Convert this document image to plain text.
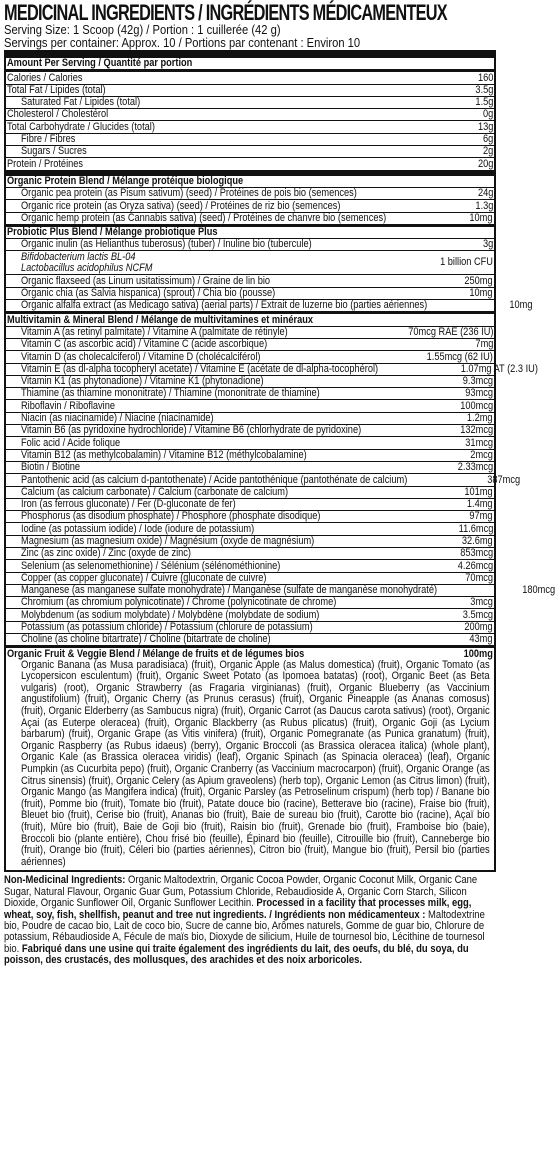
MEDICINAL INGREDIENTS / INGRÉDIENTS MÉDICAMENTEUX
Serving Size: 1 Scoop (42g) / Portion : 1 cuillerée (42 g)
Servings per container: Approx. 10 / Portions par contenant : Environ 10
Amount Per Serving / Quantité par portion
Calories / Calories	160
Total Fat / Lipides (total)	3.5g
Saturated Fat / Lipides (total)	1.5g
Cholesterol / Cholestérol	0g
Total Carbohydrate / Glucides (total)	13g
Fibre / Fibres	6g
Sugars / Sucres	2g
Protein / Protéines	20g
Organic Protein Blend / Mélange protéique biologique
Organic pea protein (as Pisum sativum) (seed) / Protéines de pois bio (semences)	24g
Organic rice protein (as Oryza sativa) (seed) / Protéines de riz bio (semences)	1.3g
Organic hemp protein (as Cannabis sativa) (seed) / Protéines de chanvre bio (semences)	10mg
Probiotic Plus Blend / Mélange probiotique Plus
Organic inulin (as Helianthus tuberosus) (tuber) / Inuline bio (tubercule)	3g
Bifidobacterium lactis BL-04
Lactobacillus acidophilus NCFM	1 billion CFU
Organic flaxseed (as Linum usitatissimum) / Graine de lin bio	250mg
Organic chia (as Salvia hispanica) (sprout) / Chia bio (pousse)	10mg
Organic alfalfa extract (as Medicago sativa) (aerial parts) / Extrait de luzerne bio (parties aériennes)	10mg
Multivitamin & Mineral Blend / Mélange de multivitamines et minéraux
Vitamin A (as retinyl palmitate) / Vitamine A (palmitate de rétinyle)	70mcg RAE (236 IU)
Vitamin C (as ascorbic acid) / Vitamine C (acide ascorbique)	7mg
Vitamin D (as cholecalciferol) / Vitamine D (cholécalciférol)	1.55mcg (62 IU)
Vitamin E (as dl-alpha tocopheryl acetate) / Vitamine E (acétate de dl-alpha-tocophérol)	1.07mg AT (2.3 IU)
Vitamin K1 (as phytonadione) / Vitamine K1 (phytonadione)	9.3mcg
Thiamine (as thiamine mononitrate) / Thiamine (mononitrate de thiamine)	93mcg
Riboflavin / Riboflavine	100mcg
Niacin (as niacinamide) / Niacine (niacinamide)	1.2mg
Vitamin B6 (as pyridoxine hydrochloride) / Vitamine B6 (chlorhydrate de pyridoxine)	132mcg
Folic acid / Acide folique	31mcg
Vitamin B12 (as methylcobalamin) / Vitamine B12 (méthylcobalamine)	2mcg
Biotin / Biotine	2.33mcg
Pantothenic acid (as calcium d-pantothenate) / Acide pantothénique (pantothénate de calcium)	387mcg
Calcium (as calcium carbonate) / Calcium (carbonate de calcium)	101mg
Iron (as ferrous gluconate) / Fer (D-gluconate de fer)	1.4mg
Phosphorus (as disodium phosphate) / Phosphore (phosphate disodique)	97mg
Iodine (as potassium iodide) / Iode (iodure de potassium)	11.6mcg
Magnesium (as magnesium oxide) / Magnésium (oxyde de magnésium)	32.6mg
Zinc (as zinc oxide) / Zinc (oxyde de zinc)	853mcg
Selenium (as selenomethionine) / Sélénium (sélénométhionine)	4.26mcg
Copper (as copper gluconate) / Cuivre (gluconate de cuivre)	70mcg
Manganese (as manganese sulfate monohydrate) / Manganèse (sulfate de manganèse monohydraté)	180mcg
Chromium (as chromium polynicotinate) / Chrome (polynicotinate de chrome)	3mcg
Molybdenum (as sodium molybdate) / Molybdène (molybdate de sodium)	3.5mcg
Potassium (as potassium chloride) / Potassium (chlorure de potassium)	200mg
Choline (as choline bitartrate) / Choline (bitartrate de choline)	43mg
Organic Fruit & Veggie Blend / Mélange de fruits et de légumes bios	100mg
Organic Banana (as Musa paradisiaca) (fruit), Organic Apple (as Malus domestica) (fruit), Organic Tomato (as Lycopersicon esculentum) (fruit), Organic Sweet Potato (as Ipomoea batatas) (root), Organic Beet (as Beta vulgaris) (root), Organic Strawberry (as Fragaria virginianas) (fruit), Organic Blueberry (as Vaccinium angustifolium) (fruit), Organic Cherry (as Prunus cerasus) (fruit), Organic Pineapple (as Ananas comosus) (fruit), Organic Elderberry (as Sambucus nigra) (fruit), Organic Carrot (as Daucus carota sativus) (root), Organic Açai (as Euterpe oleracea) (fruit), Organic Blackberry (as Rubus plicatus) (fruit), Organic Goji (as Lycium barbarum) (fruit), Organic Grape (as Vitis vinifera) (fruit), Organic Pomegranate (as Punica granatum) (fruit), Organic Raspberry (as Rubus idaeus) (berry), Organic Broccoli (as Brassica oleracea italica) (whole plant), Organic Kale (as Brassica oleracea viridis) (leaf), Organic Spinach (as Spinacia oleracea) (leaf), Organic Pumpkin (as Cucurbita pepo) (fruit), Organic Cranberry (as Vaccinium macrocarpon) (fruit), Organic Orange (as Citrus sinensis) (fruit), Organic Celery (as Apium graveolens) (herb top), Organic Lemon (as Citrus limon) (fruit), Organic Mango (as Mangifera indica) (fruit), Organic Parsley (as Petroselinum crispum) (herb top) / Banane bio (fruit), Pomme bio (fruit), Tomate bio (fruit), Patate douce bio (racine), Betterave bio (racine), Fraise bio (fruit), Bleuet bio (fruit), Cerise bio (fruit), Ananas bio (fruit), Baie de sureau bio (fruit), Carotte bio (racine), Açaï bio (fruit), Mûre bio (fruit), Baie de Goji bio (fruit), Raisin bio (fruit), Grenade bio (fruit), Framboise bio (baie), Broccoli bio (plante entière), Chou frisé bio (feuille), Épinard bio (feuille), Citrouille bio (fruit), Canneberge bio (fruit), Orange bio (fruit), Céleri bio (parties aériennes), Citron bio (fruit), Mangue bio (fruit), Persil bio (parties aériennes)
Non-Medicinal Ingredients: Organic Maltodextrin, Organic Cocoa Powder, Organic Coconut Milk, Organic Cane Sugar, Natural Flavour, Organic Guar Gum, Potassium Chloride, Rebaudioside A, Organic Corn Starch, Silicon Dioxide, Organic Sunflower Oil, Organic Sunflower Lecithin. Processed in a facility that processes milk, egg, wheat, soy, fish, shellfish, peanut and tree nut ingredients. / Ingrédients non médicamenteux : Maltodextrine bio, Poudre de cacao bio, Lait de coco bio, Sucre de canne bio, Arômes naturels, Gomme de guar bio, Chlorure de potassium, Rébaudioside A, Fécule de maïs bio, Dioxyde de silicium, Huile de tournesol bio, Lécithine de tournesol bio. Fabriqué dans une usine qui traite également des ingrédients du lait, des oeufs, du blé, du soya, du poisson, des crustacés, des mollusques, des arachides et des noix arboricoles.
